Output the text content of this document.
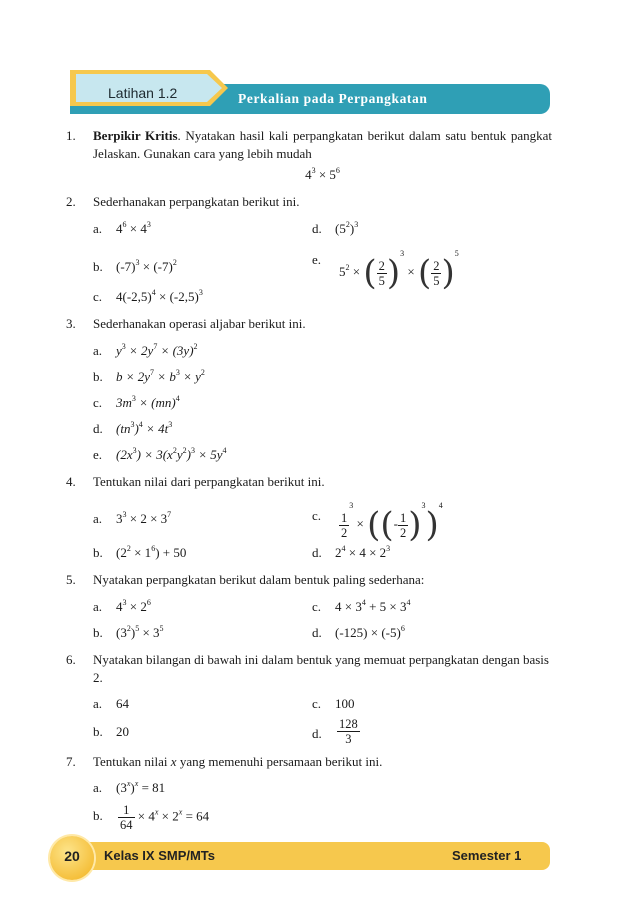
Latihan 1.2	Perkalian pada Perpangkatan
1. Berpikir Kritis. Nyatakan hasil kali perpangkatan berikut dalam satu bentuk pangkat Jelaskan. Gunakan cara yang lebih mudah
$4^3 \times 5^6$
2. Sederhanakan perpangkatan berikut ini.
a. $4^6 \times 4^3$	d. $(5^2)^3$
b. $(-7)^3 \times (-7)^2$	e.
$5^2$ × ( $\frac{2}{5} )^3$ × ( $\frac{2}{5} )^5$
c. $4(-2,5)^4 \times (-2,5)^3$
3. Sederhanakan operasi aljabar berikut ini.
a. $y^3 \times 2y^7 \times (3y)^2$
b. $b \times 2y^7 \times b^3 \times y^2$
c. $3m^3 \times (mn)^4$
d. $(tn^3)^4 \times 4t^3$
e. $(2x^3) \times 3(x^2y^2)^3 \times 5y^4$
4. Tentukan nilai dari perpangkatan berikut ini.
a. $3^3 \times 2 \times 3^7$	c. $\frac{1}{2}$
$^3$ × ((- $\frac{1}{2} )^3)^4$
b. $(2^2 \times 1^6) + 50$	d. $2^4 \times 4 \times 2^3$
5. Nyatakan perpangkatan berikut dalam bentuk paling sederhana:
a. $4^3 \times 2^6$	c. $4 \times 3^4 + 5 \times 3^4$
b. $(3^2)^5 \times 3^5$	d. $(-125) \times (-5)^6$
6. Nyatakan bilangan di bawah ini dalam bentuk yang memuat perpangkatan dengan basis 2.
a. 64	c. 100
b. 20	d. $\frac{128}{3}$
7. Tentukan nilai x yang memenuhi persamaan berikut ini.
a. $(3^x)^x = 81$
b. $\frac{1}{64} \times 4^x \times 2^x = 64$
20	Kelas IX SMP/MTs	Semester 1
